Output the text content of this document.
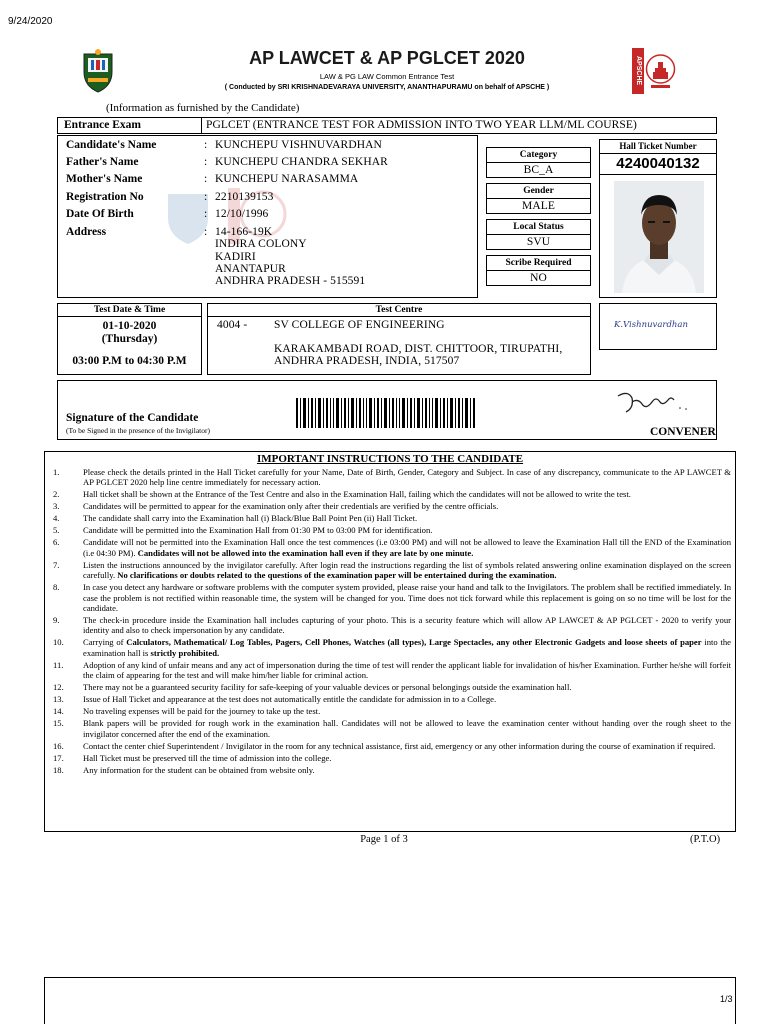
9/24/2020
AP LAWCET & AP PGLCET 2020
LAW & PG LAW Common Entrance Test
( Conducted by SRI KRISHNADEVARAYA UNIVERSITY, ANANTHAPURAMU on behalf of APSCHE )
APSCHE
(Information as furnished by the Candidate)
Entrance Exam	PGLCET (ENTRANCE TEST FOR ADMISSION INTO TWO YEAR LLM/ML COURSE)
Candidate's Name	: KUNCHEPU VISHNUVARDHAN
Father's Name	: KUNCHEPU CHANDRA SEKHAR
Mother's Name	: KUNCHEPU NARASAMMA
Registration No	: 2210139153
Date Of Birth	: 12/10/1996
Address	: 14-166-19K
INDIRA COLONY
KADIRI
ANANTAPUR
ANDHRA PRADESH - 515591
Category
BC_A
Gender
MALE
Local Status
SVU
Scribe Required
NO
Hall Ticket Number
4240040132
Test Date & Time
01-10-2020
(Thursday)
03:00 P.M to 04:30 P.M
Test Centre
4004 - SV COLLEGE OF ENGINEERING
KARAKAMBADI ROAD, DIST. CHITTOOR, TIRUPATHI,
ANDHRA PRADESH, INDIA, 517507
K.Vishnuvardhan
Signature of the Candidate
(To be Signed in the presence of the Invigilator)	CONVENER
IMPORTANT INSTRUCTIONS TO THE CANDIDATE
1.	Please check the details printed in the Hall Ticket carefully for your Name, Date of Birth, Gender, Category and Subject. In case of any discrepancy, communicate to the AP LAWCET & AP PGLCET 2020 help line centre immediately for necessary action.
2.	Hall ticket shall be shown at the Entrance of the Test Centre and also in the Examination Hall, failing which the candidates will not be allowed to write the test.
3.	Candidates will be permitted to appear for the examination only after their credentials are verified by the centre officials.
4.	The candidate shall carry into the Examination hall (i) Black/Blue Ball Point Pen (ii) Hall Ticket.
5.	Candidate will be permitted into the Examination Hall from 01:30 PM to 03:00 PM for identification.
6.	Candidate will not be permitted into the Examination Hall once the test commences (i.e 03:00 PM) and will not be allowed to leave the Examination Hall till the END of the Examination (i.e 04:30 PM). Candidates will not be allowed into the examination hall even if they are late by one minute.
7.	Listen the instructions announced by the invigilator carefully. After login read the instructions regarding the list of symbols related answering online examination displayed on the screen carefully. No clarifications or doubts related to the questions of the examination paper will be entertained during the examination.
8.	In case you detect any hardware or software problems with the computer system provided, please raise your hand and talk to the Invigilators. The problem shall be rectified immediately. In case the problem is not rectified within reasonable time, the system will be changed for you. Time does not tick forward while this replacement is going on so no time will be lost for the candidate.
9.	The check-in procedure inside the Examination hall includes capturing of your photo. This is a security feature which will allow AP LAWCET & AP PGLCET - 2020 to verify your identity and also to check impersonation by any candidate.
10.	Carrying of Calculators, Mathematical/ Log Tables, Pagers, Cell Phones, Watches (all types), Large Spectacles, any other Electronic Gadgets and loose sheets of paper into the examination hall is strictly prohibited.
11.	Adoption of any kind of unfair means and any act of impersonation during the time of test will render the applicant liable for invalidation of his/her Examination. Further he/she will forfeit the claim of appearing for the test and will make him/her liable for criminal action.
12.	There may not be a guaranteed security facility for safe-keeping of your valuable devices or personal belongings outside the examination hall.
13.	Issue of Hall Ticket and appearance at the test does not automatically entitle the candidate for admission in to a College.
14.	No traveling expenses will be paid for the journey to take up the test.
15.	Blank papers will be provided for rough work in the examination hall. Candidates will not be allowed to leave the examination center without handing over the rough sheet to the invigilator concerned after the end of the examination.
16.	Contact the center chief Superintendent / Invigilator in the room for any technical assistance, first aid, emergency or any other information during the course of examination if required.
17.	Hall Ticket must be preserved till the time of admission into the college.
18.	Any information for the student can be obtained from website only.
Page 1 of 3	(P.T.O)
1/3
